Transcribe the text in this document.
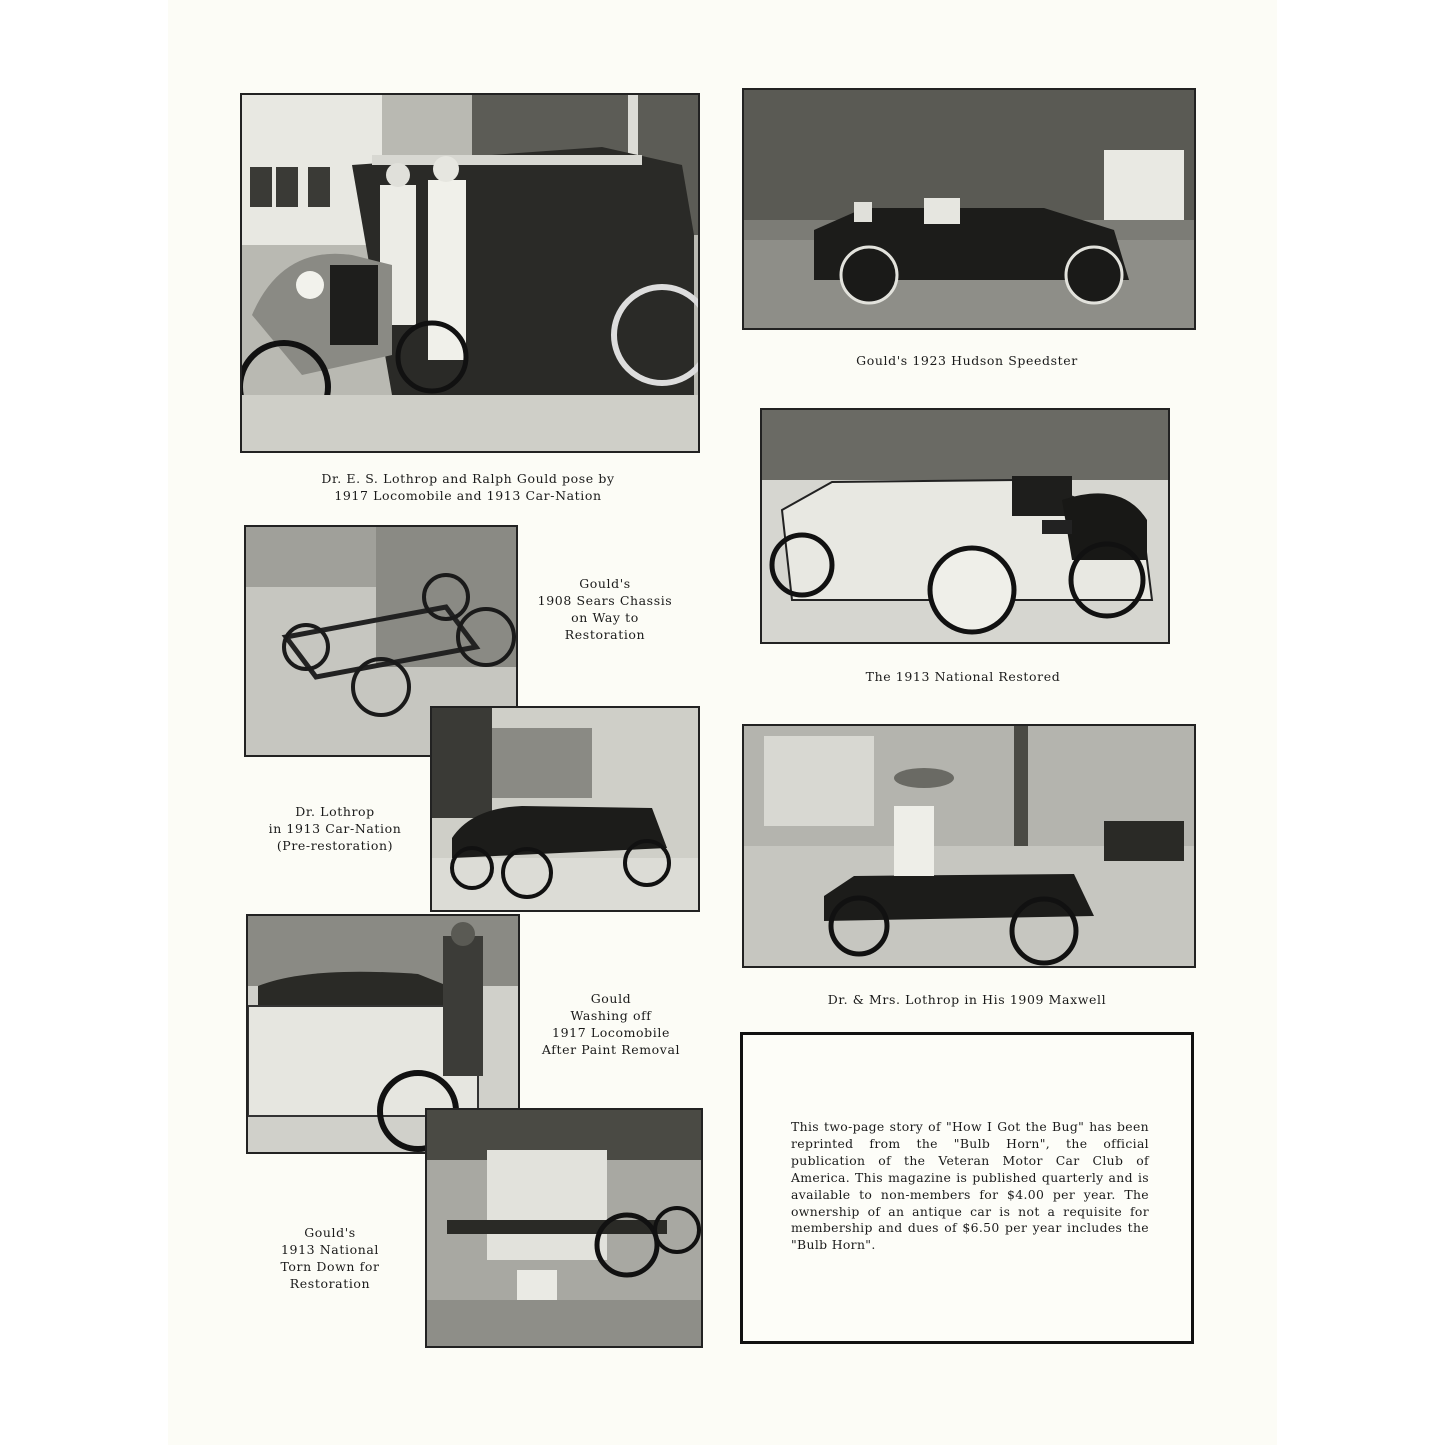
Dr. E. S. Lothrop and Ralph Gould pose by
1917 Locomobile and 1913 Car-Nation
Gould's 1923 Hudson Speedster
Gould's
1908 Sears Chassis
on Way to
Restoration
The 1913 National Restored
Dr. Lothrop
in 1913 Car-Nation
(Pre-restoration)
Dr. & Mrs. Lothrop in His 1909 Maxwell
Gould
Washing off
1917 Locomobile
After Paint Removal
Gould's
1913 National
Torn Down for
Restoration

This two-page story of "How I Got the Bug" has been reprinted from the "Bulb Horn", the official publication of the Veteran Motor Car Club of America. This magazine is published quarterly and is available to non-members for $4.00 per year. The ownership of an antique car is not a requisite for membership and dues of $6.50 per year includes the "Bulb Horn".
